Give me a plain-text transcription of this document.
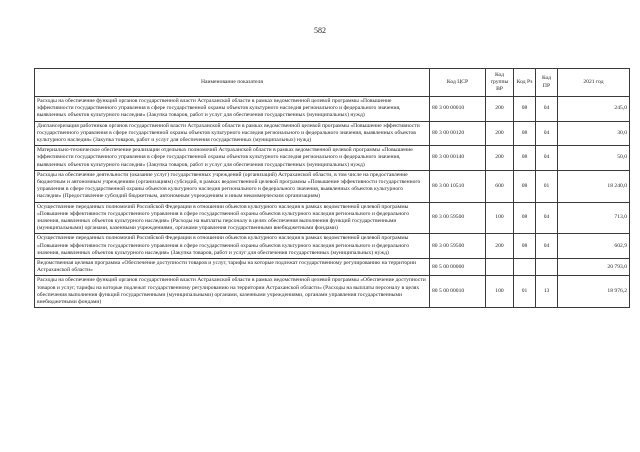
582
Наименование показателя	Код ЦСР	Код группы ВР	Код Рз	Код ПР	2021 год
Расходы на обеспечение функций органов государственной власти Астраханской области в рамках ведомственной целевой программы «Повышение эффективности государственного управления в сфере государственной охраны объектов культурного наследия регионального и федерального значения, выявленных объектов культурного наследия» (Закупка товаров, работ и услуг для обеспечения государственных (муниципальных) нужд)	80 3 00 00010	200	08	04	245,0
Диспансеризация работников органов государственной власти Астраханской области в рамках ведомственной целевой программы «Повышение эффективности государственного управления в сфере государственной охраны объектов культурного наследия регионального и федерального значения, выявленных объектов культурного наследия» (Закупка товаров, работ и услуг для обеспечения государственных (муниципальных) нужд)	80 3 00 00120	200	08	04	30,0
Материально-техническое обеспечение реализации отдельных полномочий Астраханской области в рамках ведомственной целевой программы «Повышение эффективности государственного управления в сфере государственной охраны объектов культурного наследия регионального и федерального значения, выявленных объектов культурного наследия» (Закупка товаров, работ и услуг для обеспечения государственных (муниципальных) нужд)	80 3 00 00140	200	08	04	50,0
Расходы на обеспечение деятельности (оказание услуг) государственных учреждений (организаций) Астраханской области, в том числе на предоставление бюджетным и автономным учреждениям (организациям) субсидий, в рамках ведомственной целевой программы «Повышение эффективности государственного управления в сфере государственной охраны объектов культурного наследия регионального и федерального значения, выявленных объектов культурного наследия» (Предоставление субсидий бюджетным, автономным учреждениям и иным некоммерческим организациям)	80 3 00 10510	600	08	01	18 240,0
Осуществление переданных полномочий Российской Федерации в отношении объектов культурного наследия в рамках ведомственной целевой программы «Повышение эффективности государственного управления в сфере государственной охраны объектов культурного наследия регионального и федерального значения, выявленных объектов культурного наследия» (Расходы на выплаты персоналу в целях обеспечения выполнения функций государственными (муниципальными) органами, казенными учреждениями, органами управления государственными внебюджетными фондами)	80 3 00 59500	100	08	04	713,0
Осуществление переданных полномочий Российской Федерации в отношении объектов культурного наследия в рамках ведомственной целевой программы «Повышение эффективности государственного управления в сфере государственной охраны объектов культурного наследия регионального и федерального значения, выявленных объектов культурного наследия» (Закупка товаров, работ и услуг для обеспечения государственных (муниципальных) нужд)	80 3 00 59500	200	08	04	602,9
Ведомственная целевая программа «Обеспечение доступности товаров и услуг, тарифы на которые подлежат государственному регулированию на территории Астраханской области»	80 5 00 00000				20 793,0
Расходы на обеспечение функций органов государственной власти Астраханской области в рамках ведомственной целевой программы «Обеспечение доступности товаров и услуг, тарифы на которые подлежат государственному регулированию на территории Астраханской области» (Расходы на выплаты персоналу в целях обеспечения выполнения функций государственными (муниципальными) органами, казенными учреждениями, органами управления государственными внебюджетными фондами)	80 5 00 00010	100	01	13	18 976,2
